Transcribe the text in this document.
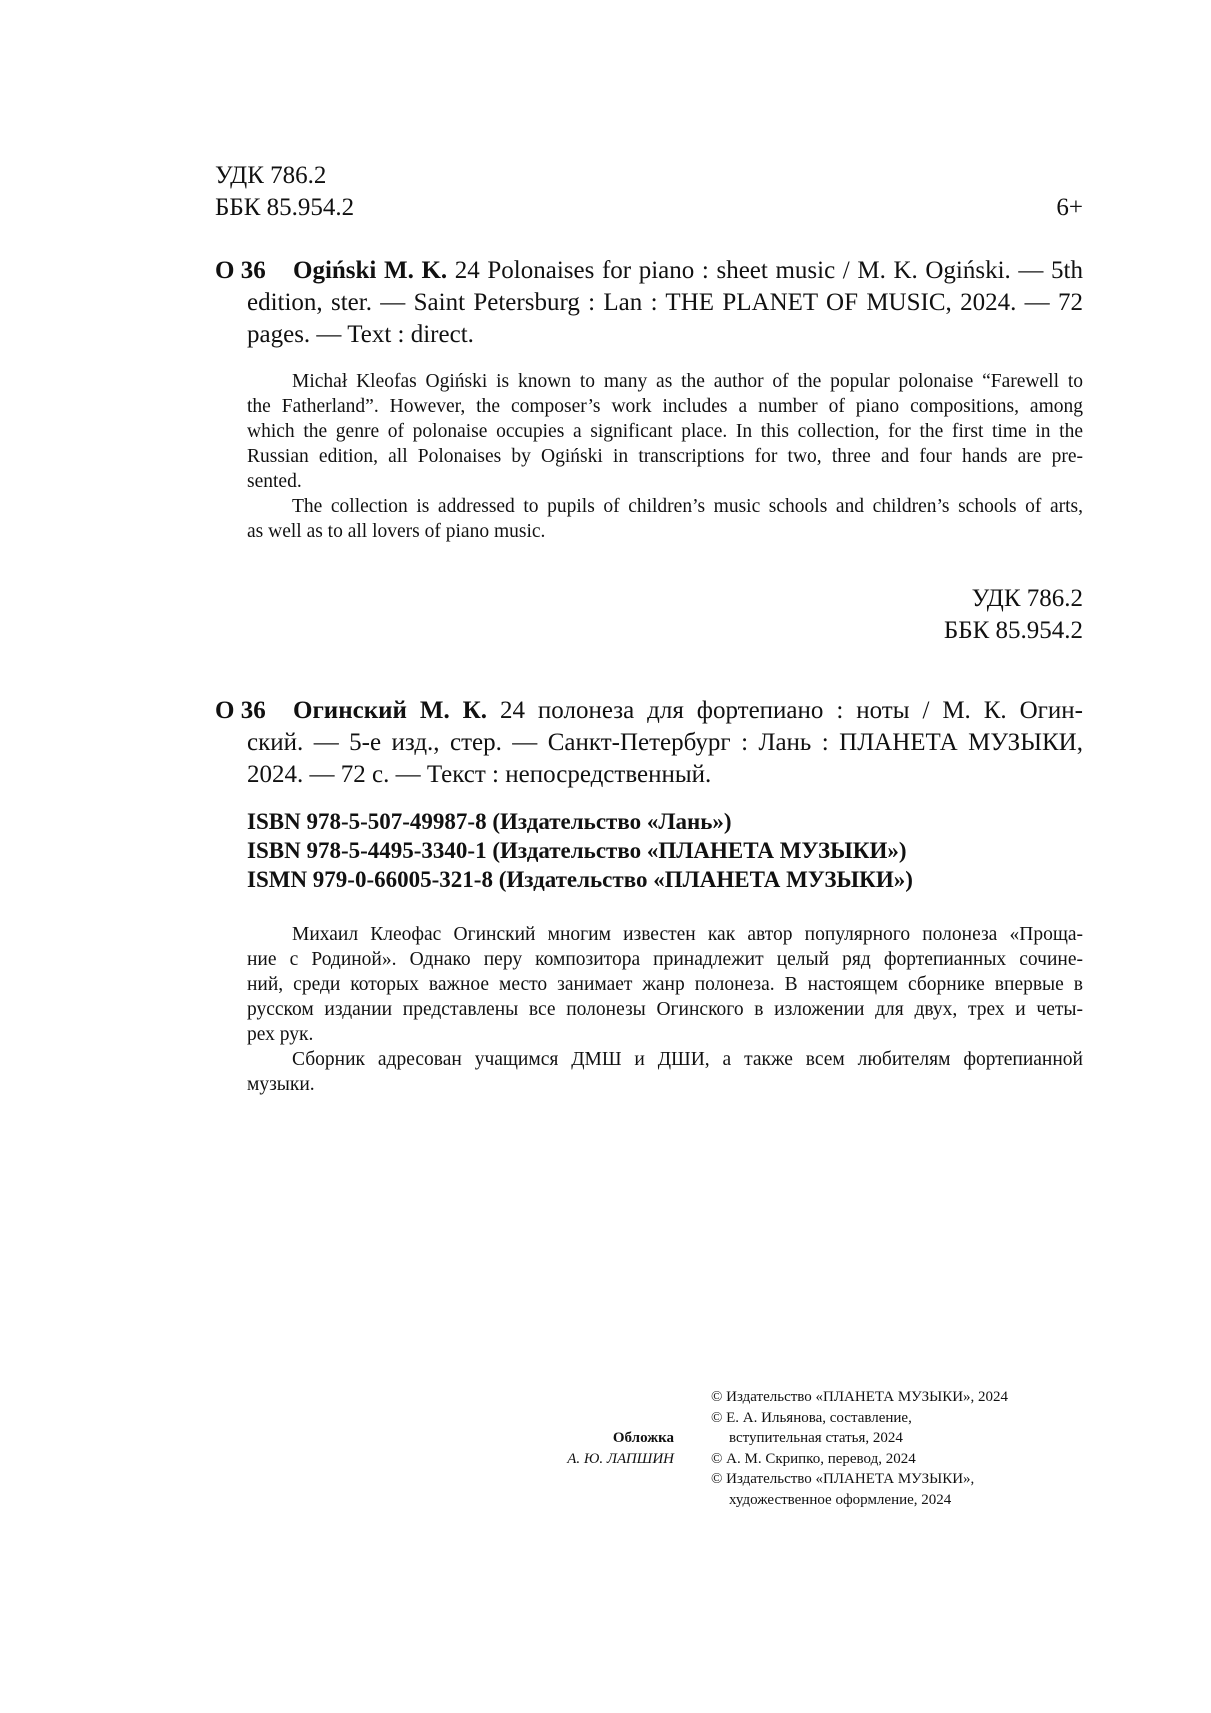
УДК 786.2
ББК 85.954.2	6+
О 36	Ogiński M. K. 24 Polonaises for piano : sheet music / M. K. Ogiński. — 5th
edition, ster. — Saint Petersburg : Lan : THE PLANET OF MUSIC, 2024. — 72
pages. — Text : direct.
Michał Kleofas Ogiński is known to many as the author of the popular polonaise “Farewell to
the Fatherland”. However, the composer’s work includes a number of piano compositions, among
which the genre of polonaise occupies a significant place. In this collection, for the first time in the
Russian edition, all Polonaises by Ogiński in transcriptions for two, three and four hands are pre-
sented.
The collection is addressed to pupils of children’s music schools and children’s schools of arts,
as well as to all lovers of piano music.
УДК 786.2
ББК 85.954.2
О 36	Огинский М. К. 24 полонеза для фортепиано : ноты / М. К. Огин-
ский. — 5-е изд., стер. — Санкт-Петербург : Лань : ПЛАНЕТА МУЗЫКИ,
2024. — 72 с. — Текст : непосредственный.
ISBN 978-5-507-49987-8 (Издательство «Лань»)
ISBN 978-5-4495-3340-1 (Издательство «ПЛАНЕТА МУЗЫКИ»)
ISMN 979-0-66005-321-8 (Издательство «ПЛАНЕТА МУЗЫКИ»)
Михаил Клеофас Огинский многим известен как автор популярного полонеза «Проща-
ние с Родиной». Однако перу композитора принадлежит целый ряд фортепианных сочине-
ний, среди которых важное место занимает жанр полонеза. В настоящем сборнике впервые в
русском издании представлены все полонезы Огинского в изложении для двух, трех и четы-
рех рук.
Сборник адресован учащимся ДМШ и ДШИ, а также всем любителям фортепианной
музыки.
Обложка
А. Ю. ЛАПШИН
© Издательство «ПЛАНЕТА МУЗЫКИ», 2024
© Е. А. Ильянова, составление,
вступительная статья, 2024
© А. М. Скрипко, перевод, 2024
© Издательство «ПЛАНЕТА МУЗЫКИ»,
художественное оформление, 2024
